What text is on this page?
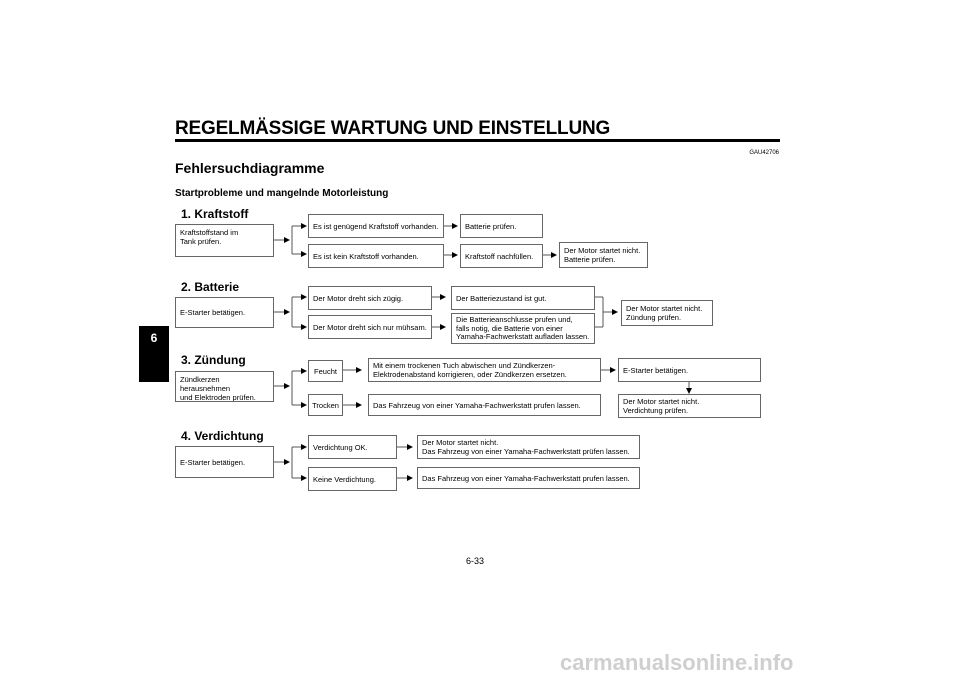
REGELMÄSSIGE WARTUNG UND EINSTELLUNG
GAU42706
Fehlersuchdiagramme
Startprobleme und mangelnde Motorleistung
6
1. Kraftstoff
Kraftstoffstand im
Tank prüfen.
Es ist genügend Kraftstoff vorhanden.	Batterie prüfen.
Es ist kein Kraftstoff vorhanden.	Kraftstoff nachfüllen.
Der Motor startet nicht.
Batterie prüfen.
2. Batterie
E-Starter betätigen.
Der Motor dreht sich zügig.	Der Batteriezustand ist gut.
Der Motor dreht sich nur mühsam.
Die Batterieanschlusse prufen und,
falls notig, die Batterie von einer
Yamaha-Fachwerkstatt aufladen lassen.
Der Motor startet nicht.
Zündung prüfen.
3. Zündung
Zündkerzen herausnehmen
und Elektroden prüfen.
Feucht
Mit einem trockenen Tuch abwischen und Zündkerzen-
Elektrodenabstand korrigieren, oder Zündkerzen ersetzen.	E-Starter betätigen.
Der Motor startet nicht.
Verdichtung prüfen.
Trocken	Das Fahrzeug von einer Yamaha-Fachwerkstatt prufen lassen.
4. Verdichtung
E-Starter betätigen.
Verdichtung OK.	Der Motor startet nicht.
Das Fahrzeug von einer Yamaha-Fachwerkstatt prüfen lassen.
Keine Verdichtung.	Das Fahrzeug von einer Yamaha-Fachwerkstatt prufen lassen.
6-33
carmanualsonline.info
